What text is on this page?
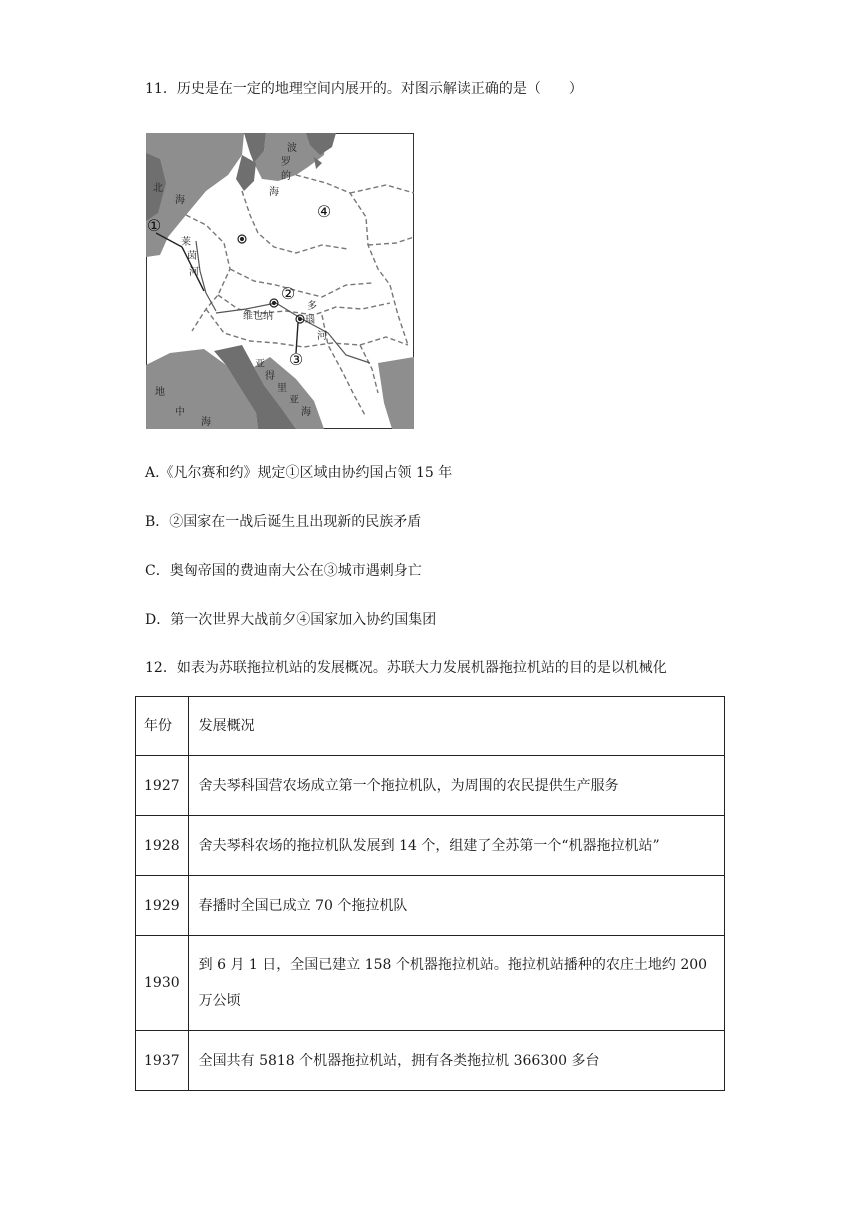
11．历史是在一定的地理空间内展开的。对图示解读正确的是（　　）
①
②
③
④
北
海
波
罗
的
海
莱
茵
河
多
瑙
河
维也纳
亚
得
里
亚
海
地
中
海
A.《凡尔赛和约》规定①区域由协约国占领 15 年
B．②国家在一战后诞生且出现新的民族矛盾
C．奥匈帝国的费迪南大公在③城市遇刺身亡
D．第一次世界大战前夕④国家加入协约国集团
12．如表为苏联拖拉机站的发展概况。苏联大力发展机器拖拉机站的目的是以机械化
年份	发展概况
1927	舍夫琴科国营农场成立第一个拖拉机队，为周围的农民提供生产服务
1928	舍夫琴科农场的拖拉机队发展到 14 个，组建了全苏第一个“机器拖拉机站”
1929	春播时全国已成立 70 个拖拉机队
1930	到 6 月 1 日，全国已建立 158 个机器拖拉机站。拖拉机站播种的农庄土地约 200 万公顷
1937	全国共有 5818 个机器拖拉机站，拥有各类拖拉机 366300 多台
